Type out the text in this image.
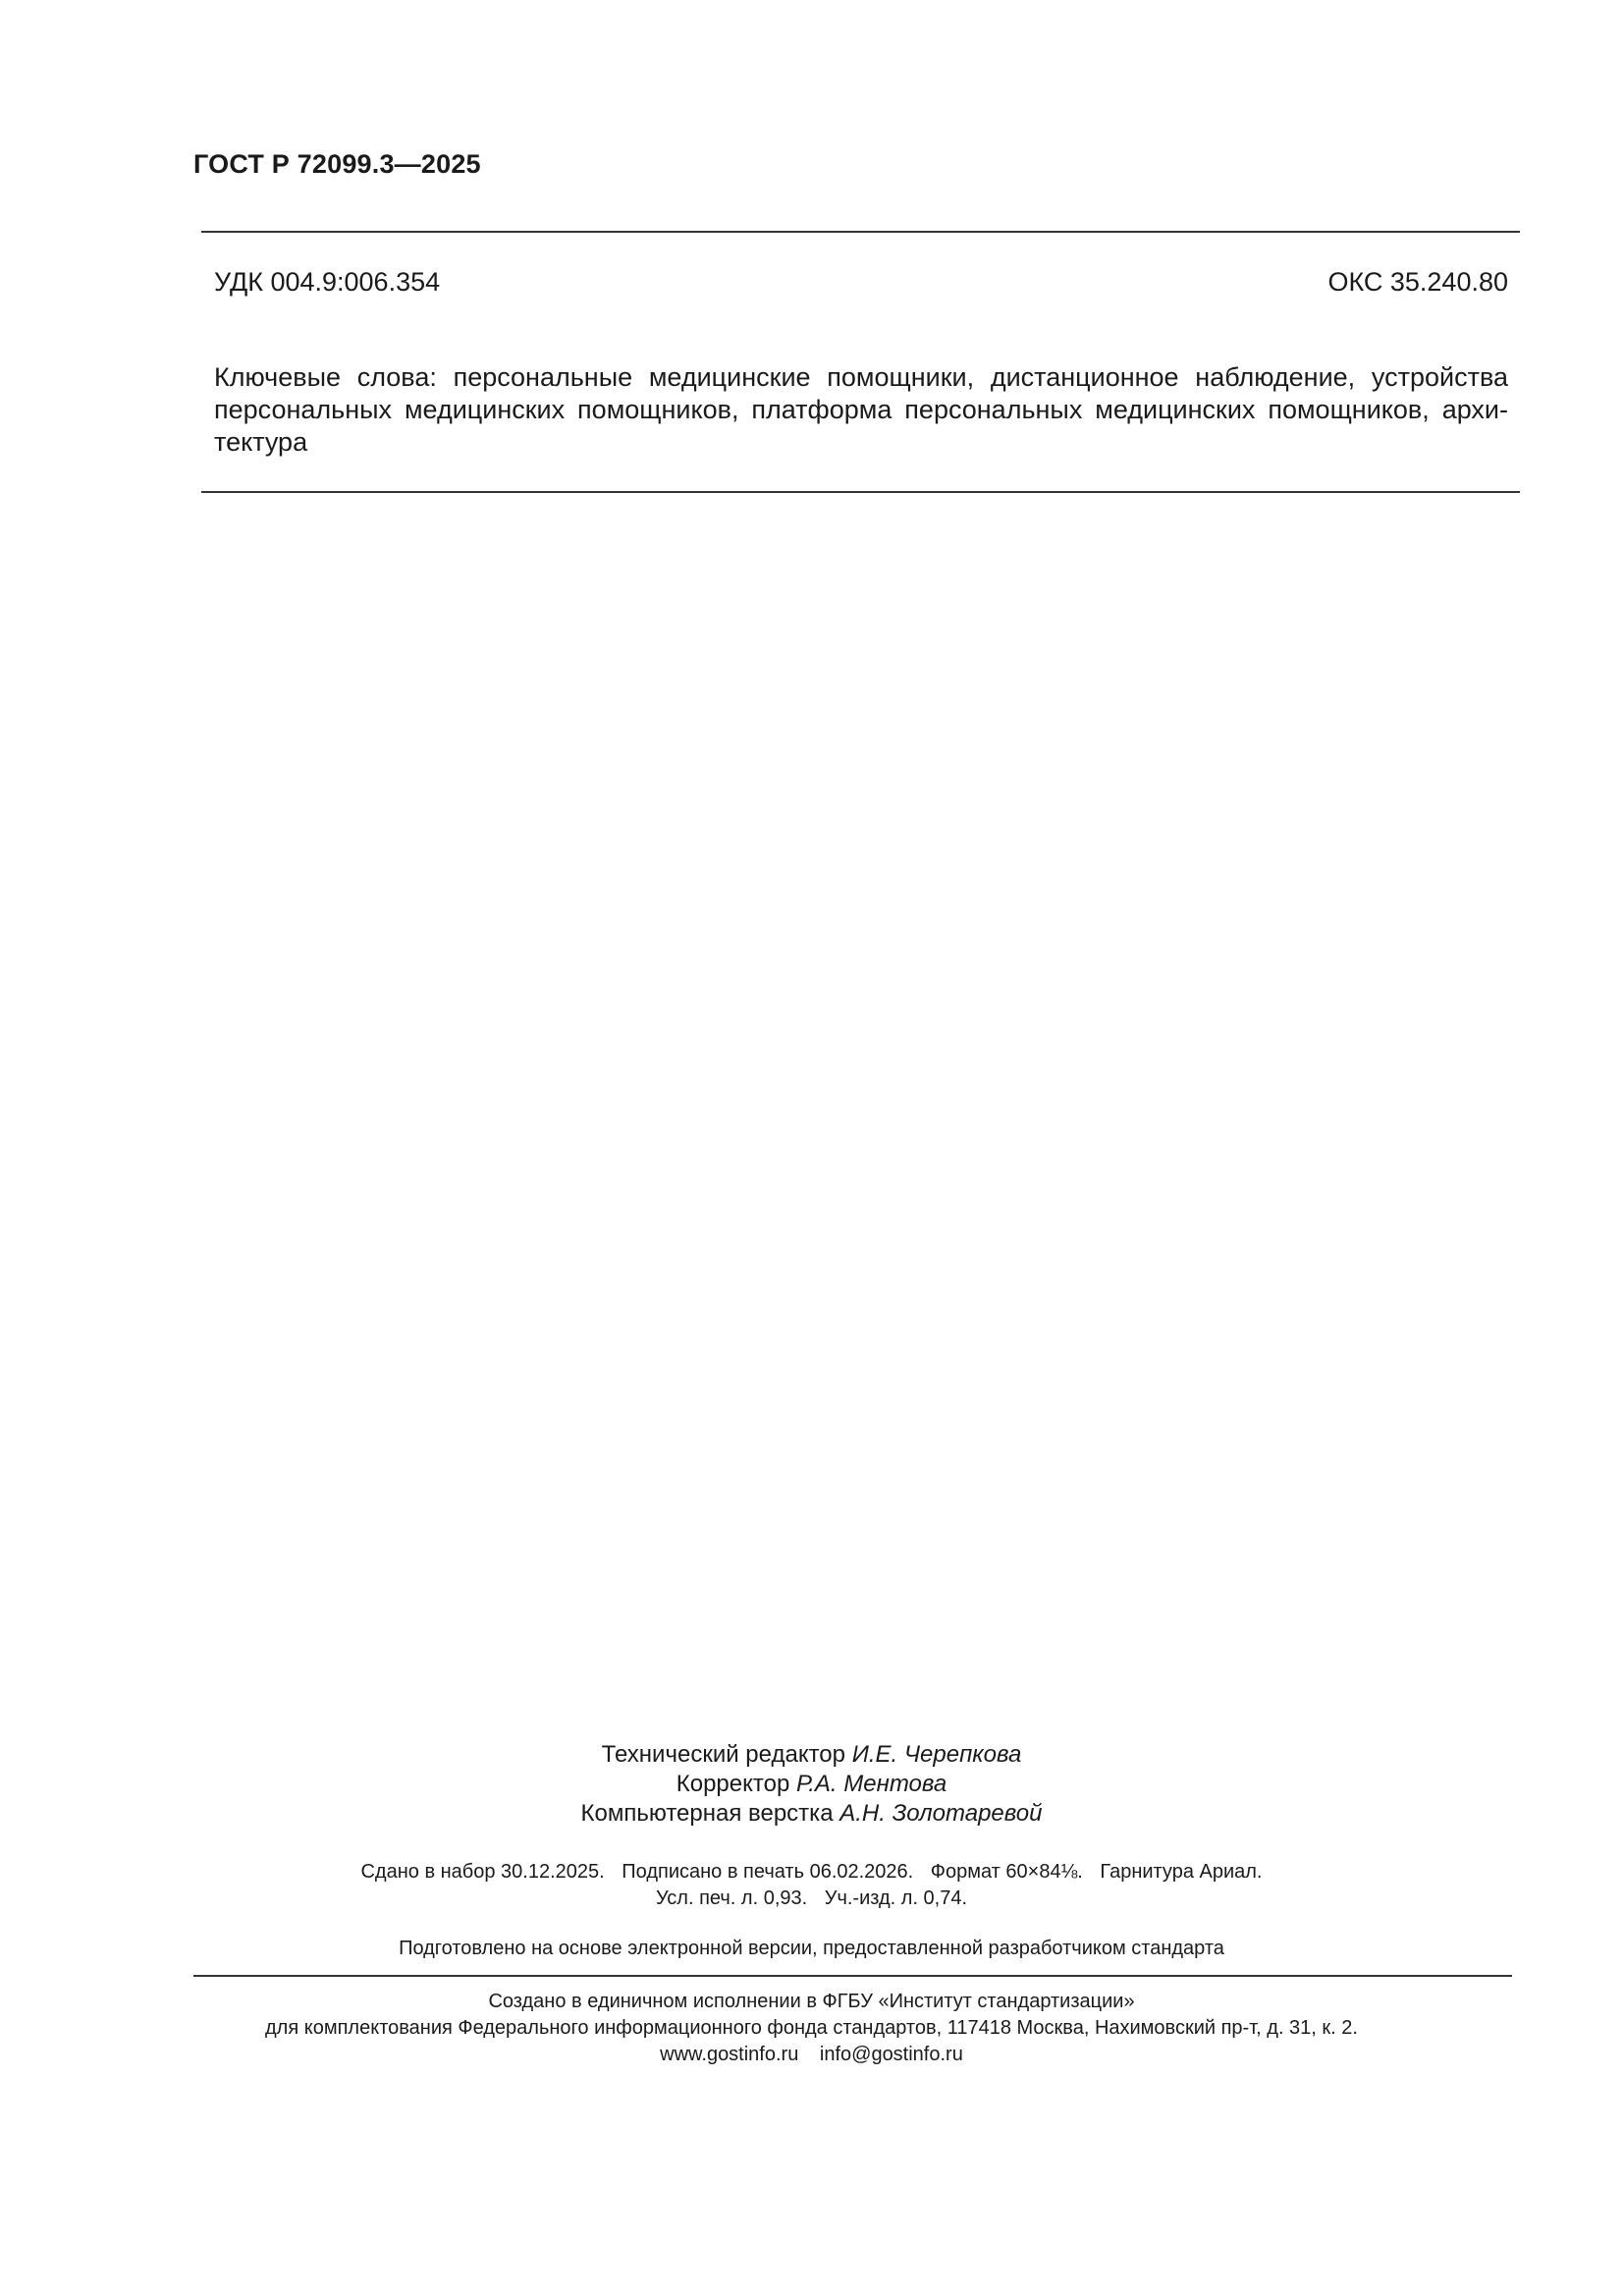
ГОСТ Р 72099.3—2025
УДК 004.9:006.354	ОКС 35.240.80
Ключевые слова: персональные медицинские помощники, дистанционное наблюдение, устройства персональных медицинских помощников, платформа персональных медицинских помощников, архи-тектура
Технический редактор И.Е. Черепкова
Корректор Р.А. Ментова
Компьютерная верстка А.Н. Золотаревой
Сдано в набор 30.12.2025. Подписано в печать 06.02.2026. Формат 60×84⅛. Гарнитура Ариал.
Усл. печ. л. 0,93. Уч.-изд. л. 0,74.
Подготовлено на основе электронной версии, предоставленной разработчиком стандарта
Создано в единичном исполнении в ФГБУ «Институт стандартизации»
для комплектования Федерального информационного фонда стандартов, 117418 Москва, Нахимовский пр-т, д. 31, к. 2.
www.gostinfo.ru info@gostinfo.ru
